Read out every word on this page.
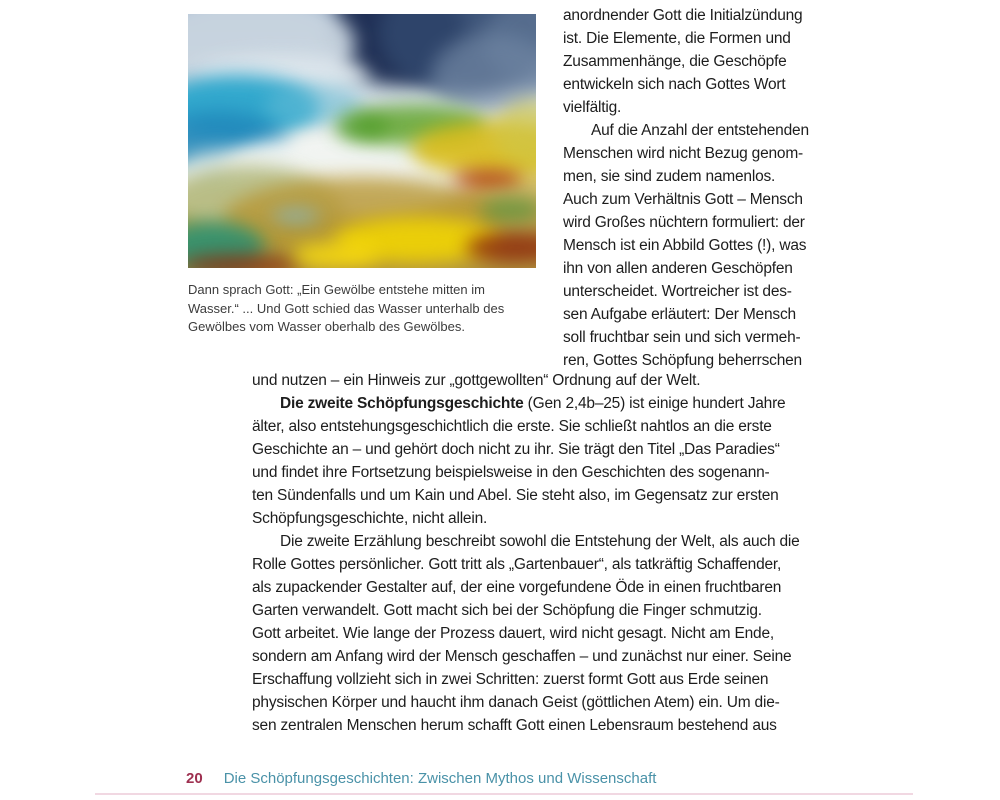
Dann sprach Gott: „Ein Gewölbe entstehe mitten im
Wasser.“ ... Und Gott schied das Wasser unterhalb des
Gewölbes vom Wasser oberhalb des Gewölbes.
anordnender Gott die Initialzündung
ist. Die Elemente, die Formen und
Zusammenhänge, die Geschöpfe
entwickeln sich nach Gottes Wort
vielfältig.
Auf die Anzahl der entstehenden
Menschen wird nicht Bezug genom-
men, sie sind zudem namenlos.
Auch zum Verhältnis Gott – Mensch
wird Großes nüchtern formuliert: der
Mensch ist ein Abbild Gottes (!), was
ihn von allen anderen Geschöpfen
unterscheidet. Wortreicher ist des-
sen Aufgabe erläutert: Der Mensch
soll fruchtbar sein und sich vermeh-
ren, Gottes Schöpfung beherrschen
und nutzen – ein Hinweis zur „gottgewollten“ Ordnung auf der Welt.
Die zweite Schöpfungsgeschichte (Gen 2,4b–25) ist einige hundert Jahre
älter, also entstehungsgeschichtlich die erste. Sie schließt nahtlos an die erste
Geschichte an – und gehört doch nicht zu ihr. Sie trägt den Titel „Das Paradies“
und findet ihre Fortsetzung beispielsweise in den Geschichten des sogenann-
ten Sündenfalls und um Kain und Abel. Sie steht also, im Gegensatz zur ersten
Schöpfungsgeschichte, nicht allein.
Die zweite Erzählung beschreibt sowohl die Entstehung der Welt, als auch die
Rolle Gottes persönlicher. Gott tritt als „Gartenbauer“, als tatkräftig Schaffender,
als zupackender Gestalter auf, der eine vorgefundene Öde in einen fruchtbaren
Garten verwandelt. Gott macht sich bei der Schöpfung die Finger schmutzig.
Gott arbeitet. Wie lange der Prozess dauert, wird nicht gesagt. Nicht am Ende,
sondern am Anfang wird der Mensch geschaffen – und zunächst nur einer. Seine
Erschaffung vollzieht sich in zwei Schritten: zuerst formt Gott aus Erde seinen
physischen Körper und haucht ihm danach Geist (göttlichen Atem) ein. Um die-
sen zentralen Menschen herum schafft Gott einen Lebensraum bestehend aus
20 Die Schöpfungsgeschichten: Zwischen Mythos und Wissenschaft
